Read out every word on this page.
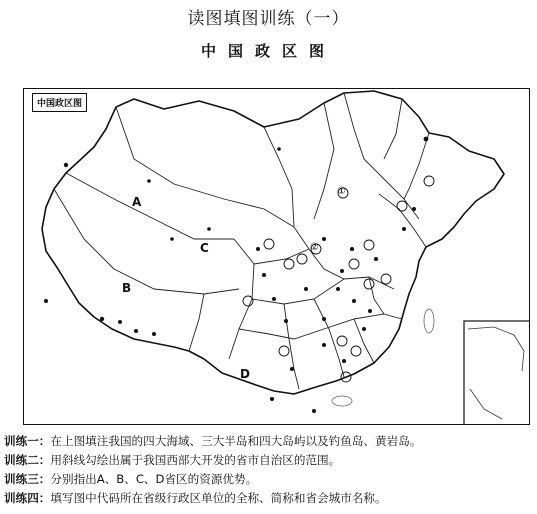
读图填图训练（一）
中国政区图
中国政区图
A
B
C
D
①
②
训练一：在上图填注我国的四大海域、三大半岛和四大岛屿以及钓鱼岛、黄岩岛。
训练二：用斜线勾绘出属于我国西部大开发的省市自治区的范围。
训练三：分别指出A、B、C、D省区的资源优势。
训练四：填写图中代码所在省级行政区单位的全称、简称和省会城市名称。
